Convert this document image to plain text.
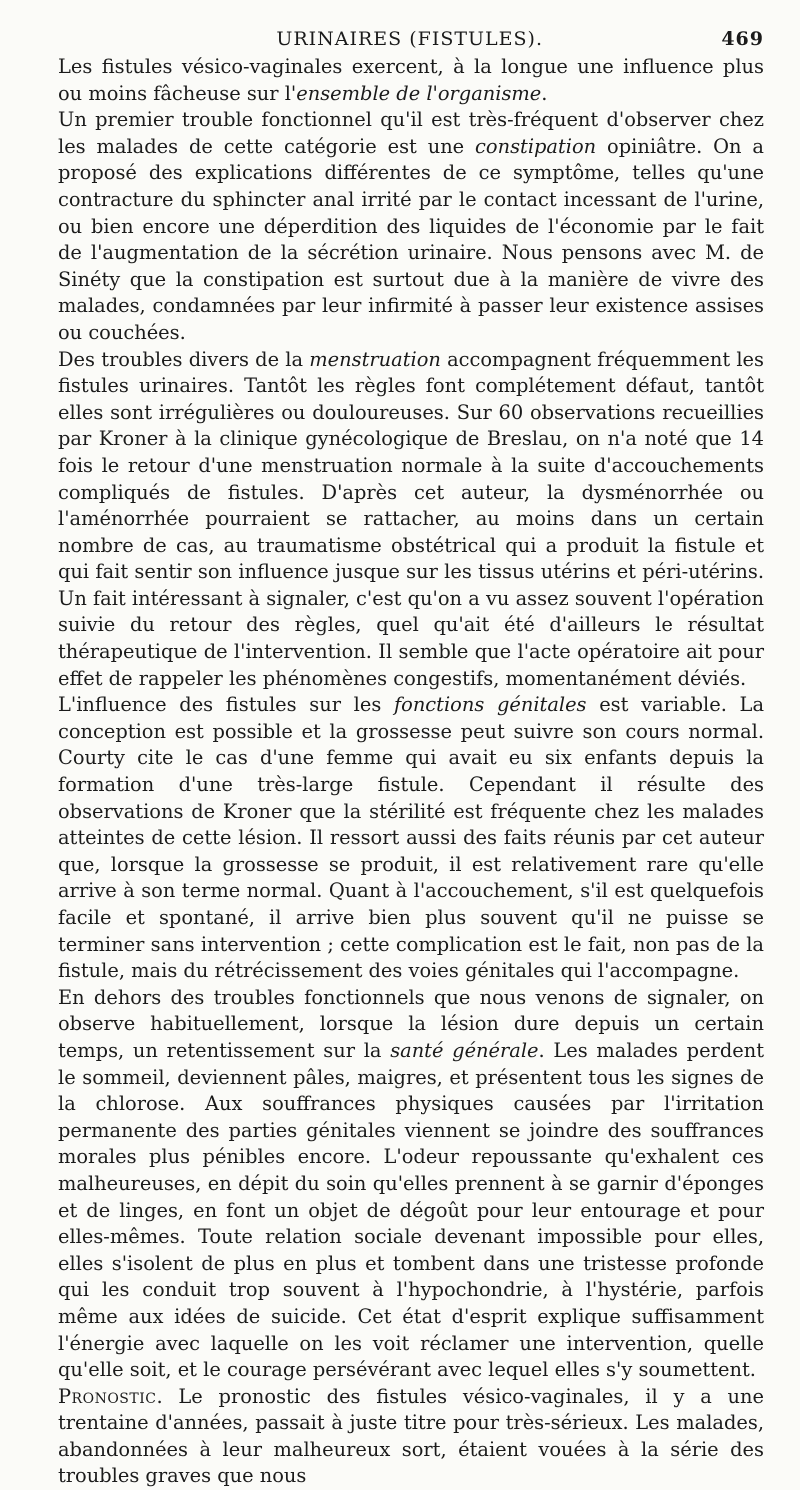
URINAIRES (FISTULES).	469

Les fistules vésico-vaginales exercent, à la longue une influence plus ou moins fâcheuse sur l'ensemble de l'organisme.

Un premier trouble fonctionnel qu'il est très-fréquent d'observer chez les malades de cette catégorie est une constipation opiniâtre. On a proposé des explications différentes de ce symptôme, telles qu'une contracture du sphincter anal irrité par le contact incessant de l'urine, ou bien encore une déperdition des liquides de l'économie par le fait de l'augmentation de la sécrétion urinaire. Nous pensons avec M. de Sinéty que la constipation est surtout due à la manière de vivre des malades, condamnées par leur infirmité à passer leur existence assises ou couchées.

Des troubles divers de la menstruation accompagnent fréquemment les fistules urinaires. Tantôt les règles font complétement défaut, tantôt elles sont irrégulières ou douloureuses. Sur 60 observations recueillies par Kroner à la clinique gynécologique de Breslau, on n'a noté que 14 fois le retour d'une menstruation normale à la suite d'accouchements compliqués de fistules. D'après cet auteur, la dysménorrhée ou l'aménorrhée pourraient se rattacher, au moins dans un certain nombre de cas, au traumatisme obstétrical qui a produit la fistule et qui fait sentir son influence jusque sur les tissus utérins et péri-utérins. Un fait intéressant à signaler, c'est qu'on a vu assez souvent l'opération suivie du retour des règles, quel qu'ait été d'ailleurs le résultat thérapeutique de l'intervention. Il semble que l'acte opératoire ait pour effet de rappeler les phénomènes congestifs, momentanément déviés.

L'influence des fistules sur les fonctions génitales est variable. La conception est possible et la grossesse peut suivre son cours normal. Courty cite le cas d'une femme qui avait eu six enfants depuis la formation d'une très-large fistule. Cependant il résulte des observations de Kroner que la stérilité est fréquente chez les malades atteintes de cette lésion. Il ressort aussi des faits réunis par cet auteur que, lorsque la grossesse se produit, il est relativement rare qu'elle arrive à son terme normal. Quant à l'accouchement, s'il est quelquefois facile et spontané, il arrive bien plus souvent qu'il ne puisse se terminer sans intervention ; cette complication est le fait, non pas de la fistule, mais du rétrécissement des voies génitales qui l'accompagne.

En dehors des troubles fonctionnels que nous venons de signaler, on observe habituellement, lorsque la lésion dure depuis un certain temps, un retentissement sur la santé générale. Les malades perdent le sommeil, deviennent pâles, maigres, et présentent tous les signes de la chlorose. Aux souffrances physiques causées par l'irritation permanente des parties génitales viennent se joindre des souffrances morales plus pénibles encore. L'odeur repoussante qu'exhalent ces malheureuses, en dépit du soin qu'elles prennent à se garnir d'éponges et de linges, en font un objet de dégoût pour leur entourage et pour elles-mêmes. Toute relation sociale devenant impossible pour elles, elles s'isolent de plus en plus et tombent dans une tristesse profonde qui les conduit trop souvent à l'hypochondrie, à l'hystérie, parfois même aux idées de suicide. Cet état d'esprit explique suffisamment l'énergie avec laquelle on les voit réclamer une intervention, quelle qu'elle soit, et le courage persévérant avec lequel elles s'y soumettent.

Pronostic. Le pronostic des fistules vésico-vaginales, il y a une trentaine d'années, passait à juste titre pour très-sérieux. Les malades, abandonnées à leur malheureux sort, étaient vouées à la série des troubles graves que nous
